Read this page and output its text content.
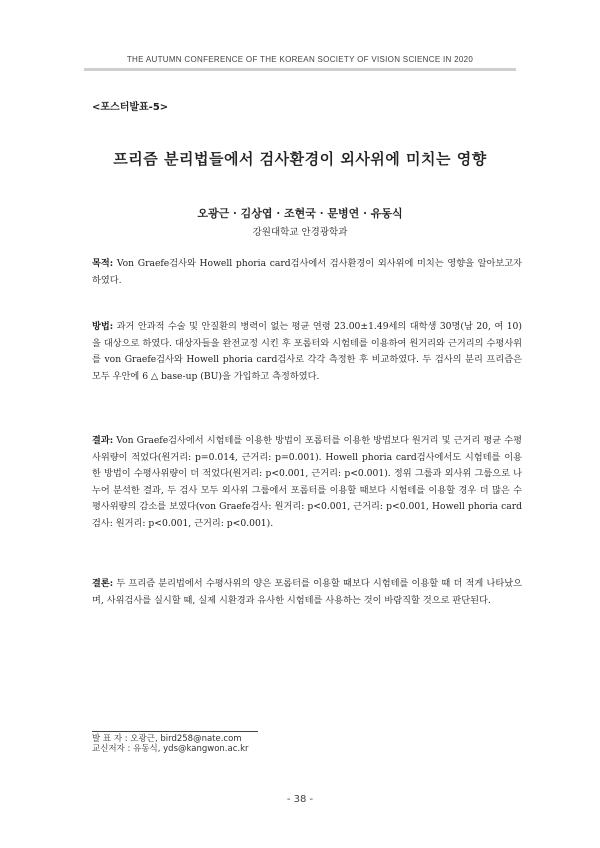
THE AUTUMN CONFERENCE OF THE KOREAN SOCIETY OF VISION SCIENCE IN 2020
<포스터발표-5>
프리즘 분리법들에서 검사환경이 외사위에 미치는 영향
오광근 · 김상엽 · 조현국 · 문병연 · 유동식
강원대학교 안경광학과
목적: Von Graefe검사와 Howell phoria card검사에서 검사환경이 외사위에 미치는 영향을 알아보고자 하였다.
방법: 과거 안과적 수술 및 안질환의 병력이 없는 평균 연령 23.00±1.49세의 대학생 30명(남 20, 여 10)을 대상으로 하였다. 대상자들을 완전교정 시킨 후 포롭터와 시험테를 이용하여 원거리와 근거리의 수평사위를 von Graefe검사와 Howell phoria card검사로 각각 측정한 후 비교하였다. 두 검사의 분리 프리즘은 모두 우안에 6 △ base-up (BU)을 가입하고 측정하였다.
결과: Von Graefe검사에서 시험테를 이용한 방법이 포롭터를 이용한 방법보다 원거리 및 근거리 평균 수평사위량이 적었다(원거리: p=0.014, 근거리: p=0.001). Howell phoria card검사에서도 시험테를 이용한 방법이 수평사위량이 더 적었다(원거리: p<0.001, 근거리: p<0.001). 정위 그룹과 외사위 그룹으로 나누어 분석한 결과, 두 검사 모두 외사위 그룹에서 포롭터를 이용할 때보다 시험테를 이용할 경우 더 많은 수평사위량의 감소를 보였다(von Graefe검사: 원거리: p<0.001, 근거리: p<0.001, Howell phoria card검사: 원거리: p<0.001, 근거리: p<0.001).
결론: 두 프리즘 분리법에서 수평사위의 양은 포롭터를 이용할 때보다 시험테를 이용할 때 더 적게 나타났으며, 사위검사를 실시할 때, 실제 시환경과 유사한 시험테를 사용하는 것이 바람직할 것으로 판단된다.
발 표 자 : 오광근, bird258@nate.com
교신저자 : 유동식, yds@kangwon.ac.kr
- 38 -
